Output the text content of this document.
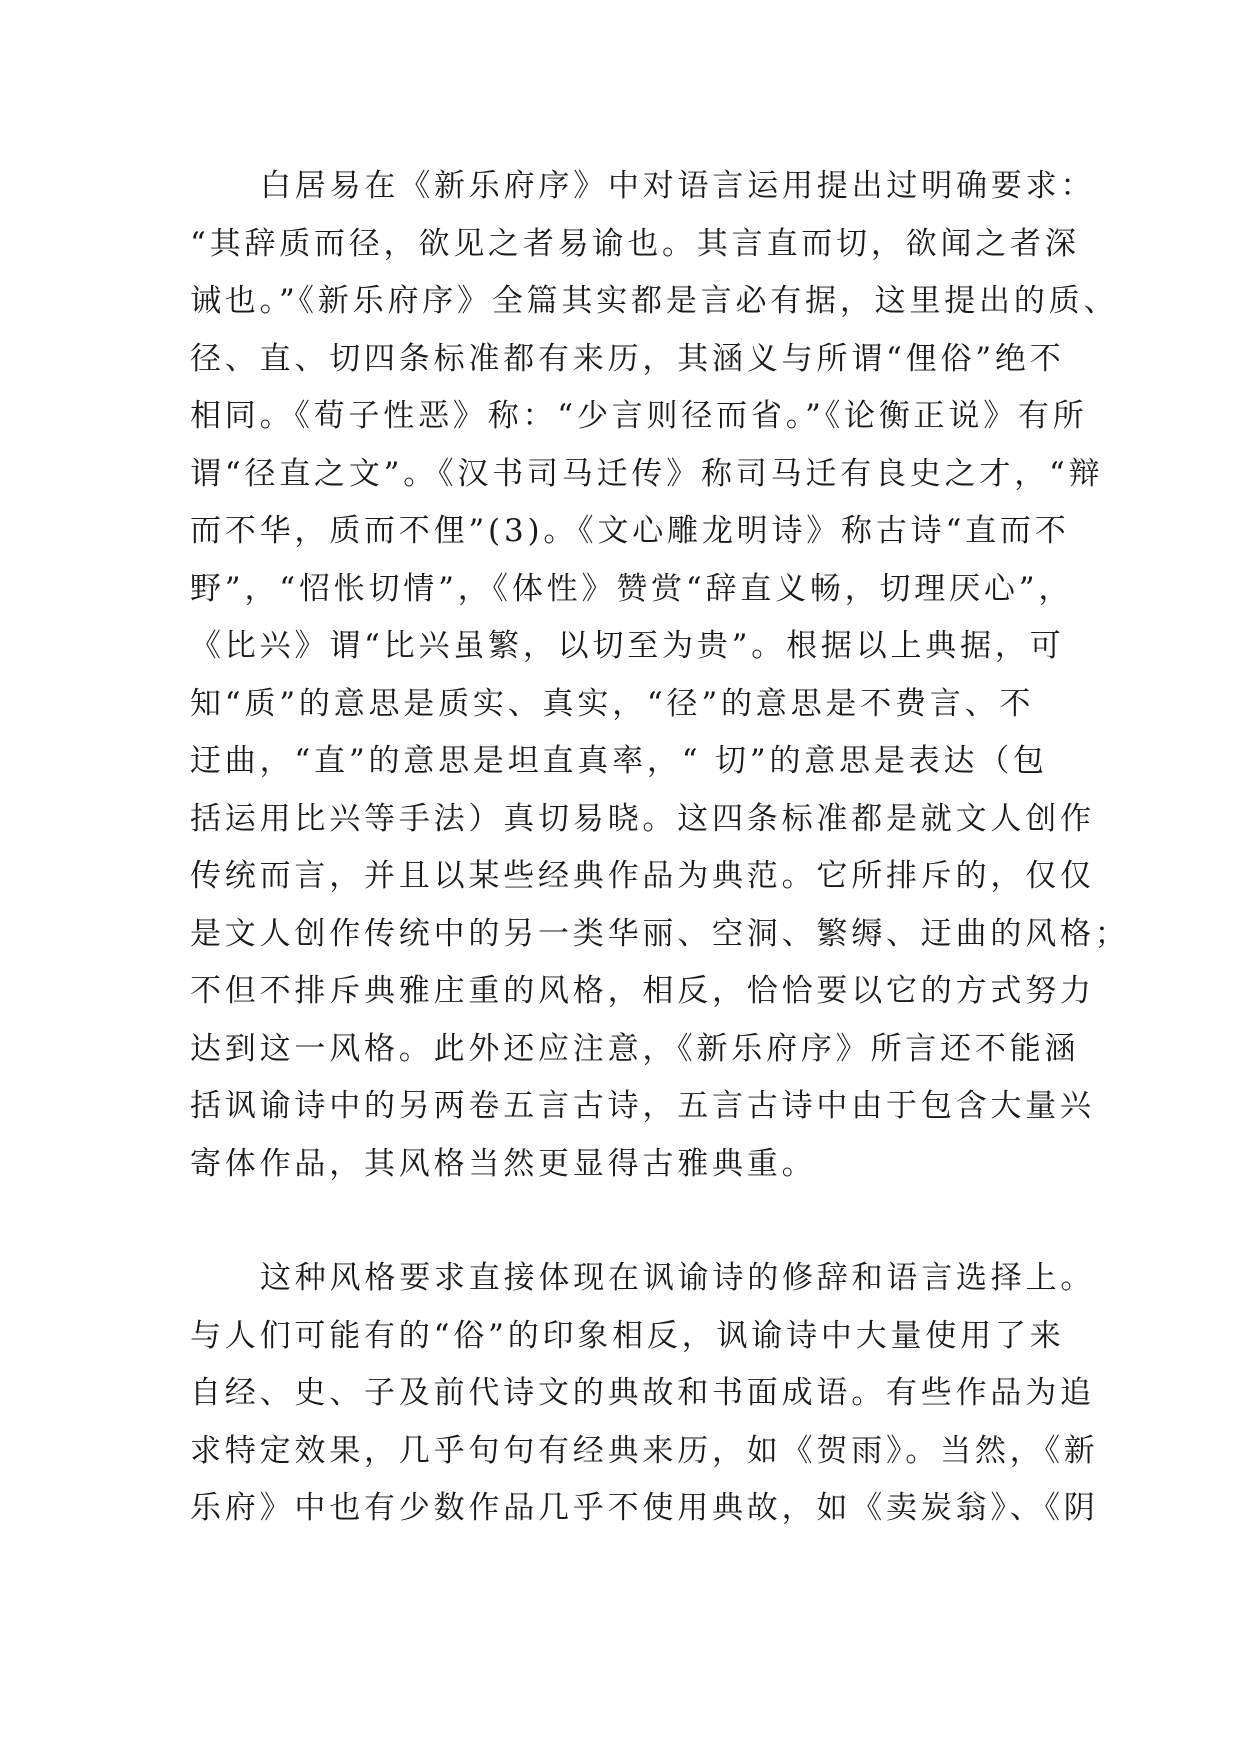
白居易在《新乐府序》中对语言运用提出过明确要求：
“其辞质而径，欲见之者易谕也。其言直而切，欲闻之者深
诫也。”《新乐府序》全篇其实都是言必有据，这里提出的质、
径、直、切四条标准都有来历，其涵义与所谓“俚俗”绝不
相同。《荀子性恶》称：“少言则径而省。”《论衡正说》有所
谓“径直之文”。《汉书司马迁传》称司马迁有良史之才，“辩
而不华，质而不俚”(3)。《文心雕龙明诗》称古诗“直而不
野”，“怊怅切情”，《体性》赞赏“辞直义畅，切理厌心”，
《比兴》谓“比兴虽繁，以切至为贵”。根据以上典据，可
知“质”的意思是质实、真实，“径”的意思是不费言、不
迂曲，“直”的意思是坦直真率，“ 切”的意思是表达（包
括运用比兴等手法）真切易晓。这四条标准都是就文人创作
传统而言，并且以某些经典作品为典范。它所排斥的，仅仅
是文人创作传统中的另一类华丽、空洞、繁缛、迂曲的风格；
不但不排斥典雅庄重的风格，相反，恰恰要以它的方式努力
达到这一风格。此外还应注意，《新乐府序》所言还不能涵
括讽谕诗中的另两卷五言古诗，五言古诗中由于包含大量兴
寄体作品，其风格当然更显得古雅典重。
这种风格要求直接体现在讽谕诗的修辞和语言选择上。
与人们可能有的“俗”的印象相反，讽谕诗中大量使用了来
自经、史、子及前代诗文的典故和书面成语。有些作品为追
求特定效果，几乎句句有经典来历，如《贺雨》。当然，《新
乐府》中也有少数作品几乎不使用典故，如《卖炭翁》、《阴
